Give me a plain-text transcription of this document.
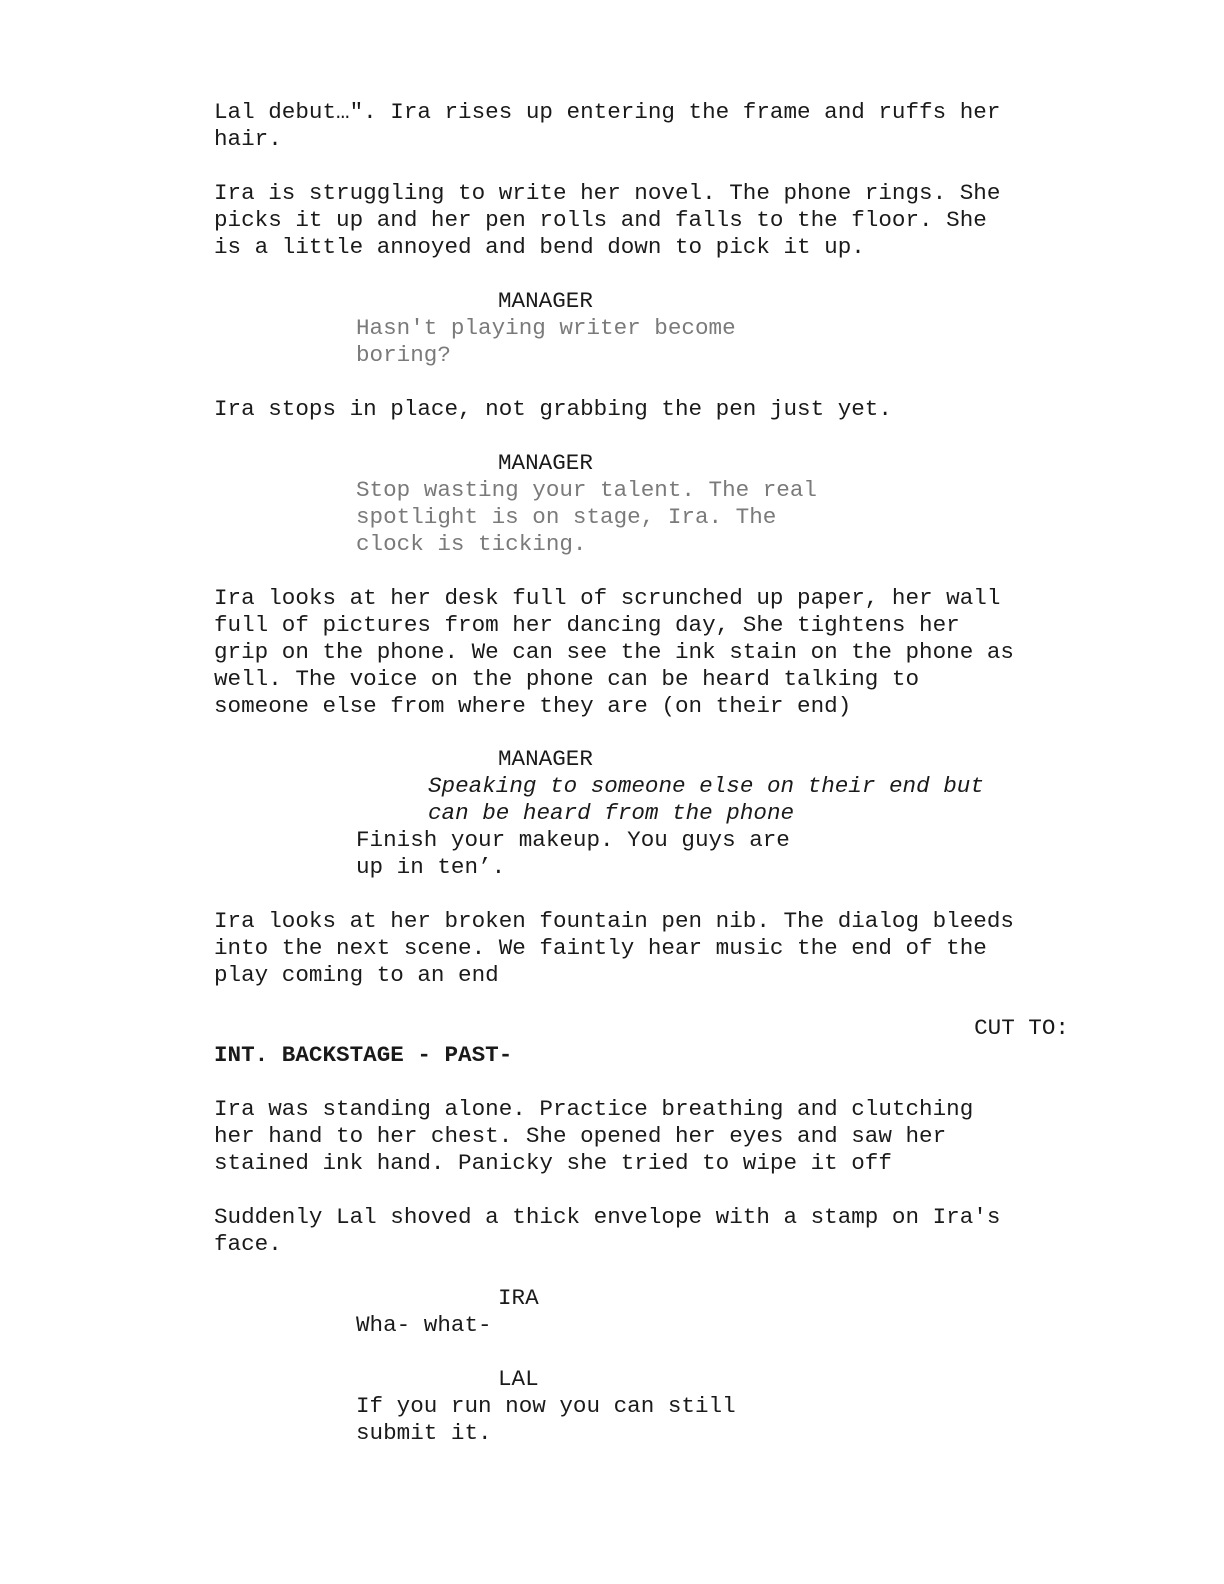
Lal debut…". Ira rises up entering the frame and ruffs her
hair.
Ira is struggling to write her novel. The phone rings. She
picks it up and her pen rolls and falls to the floor. She
is a little annoyed and bend down to pick it up.
MANAGER
Hasn't playing writer become
boring?
Ira stops in place, not grabbing the pen just yet.
MANAGER
Stop wasting your talent. The real
spotlight is on stage, Ira. The
clock is ticking.
Ira looks at her desk full of scrunched up paper, her wall
full of pictures from her dancing day, She tightens her
grip on the phone. We can see the ink stain on the phone as
well. The voice on the phone can be heard talking to
someone else from where they are (on their end)
MANAGER
Speaking to someone else on their end but
can be heard from the phone
Finish your makeup. You guys are
up in ten’.
Ira looks at her broken fountain pen nib. The dialog bleeds
into the next scene. We faintly hear music the end of the
play coming to an end
CUT TO:
INT. BACKSTAGE - PAST-
Ira was standing alone. Practice breathing and clutching
her hand to her chest. She opened her eyes and saw her
stained ink hand. Panicky she tried to wipe it off
Suddenly Lal shoved a thick envelope with a stamp on Ira's
face.
IRA
Wha- what-
LAL
If you run now you can still
submit it.
